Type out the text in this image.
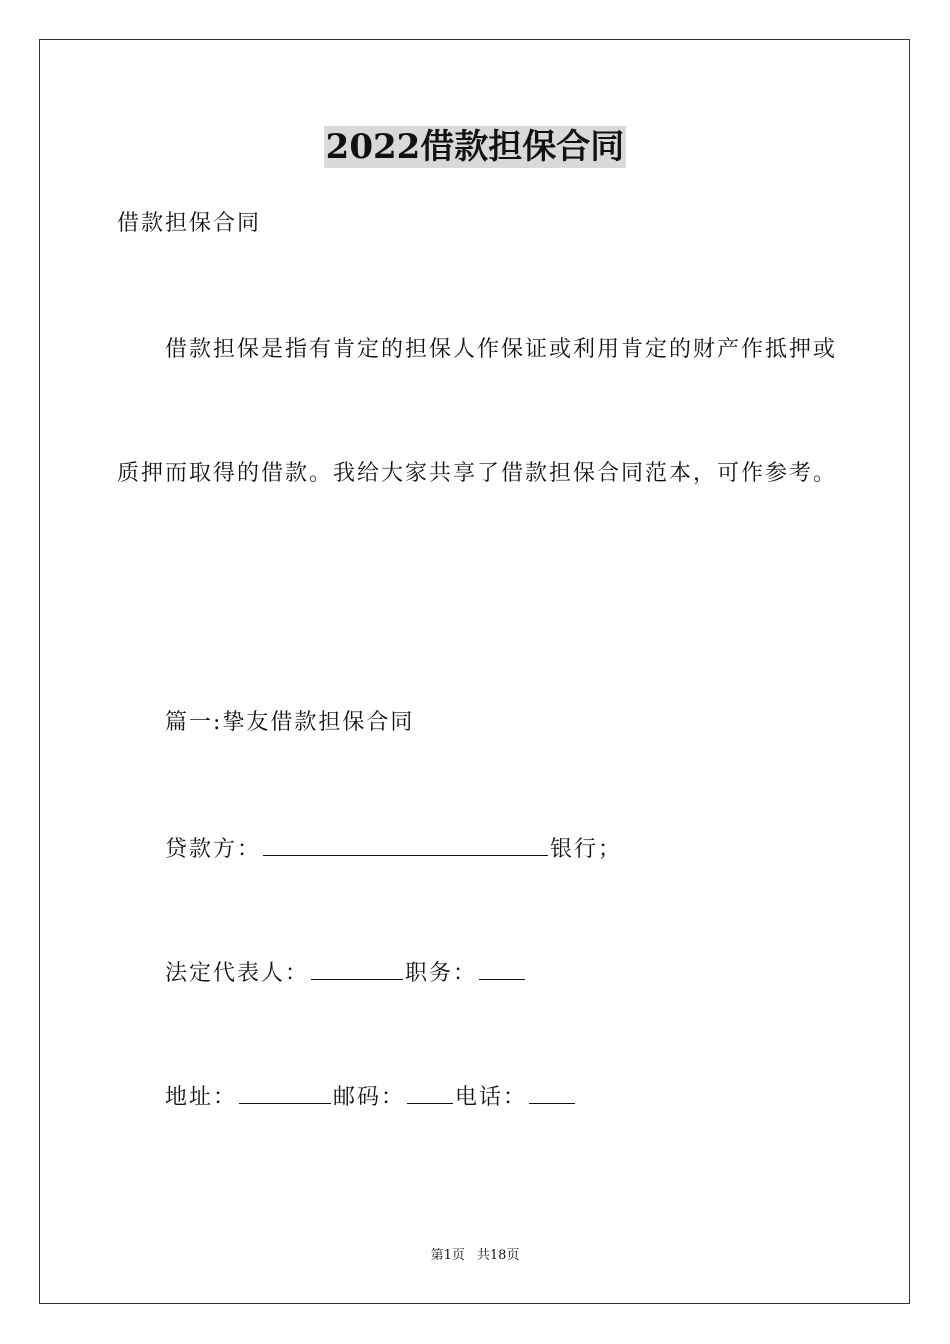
2022借款担保合同
借款担保合同
借款担保是指有肯定的担保人作保证或利用肯定的财产作抵押或
质押而取得的借款。我给大家共享了借款担保合同范本，可作参考。
篇一:挚友借款担保合同
贷款方：	银行；
法定代表人：	职务：
地址：	邮码： 电话：
第1页 共18页
